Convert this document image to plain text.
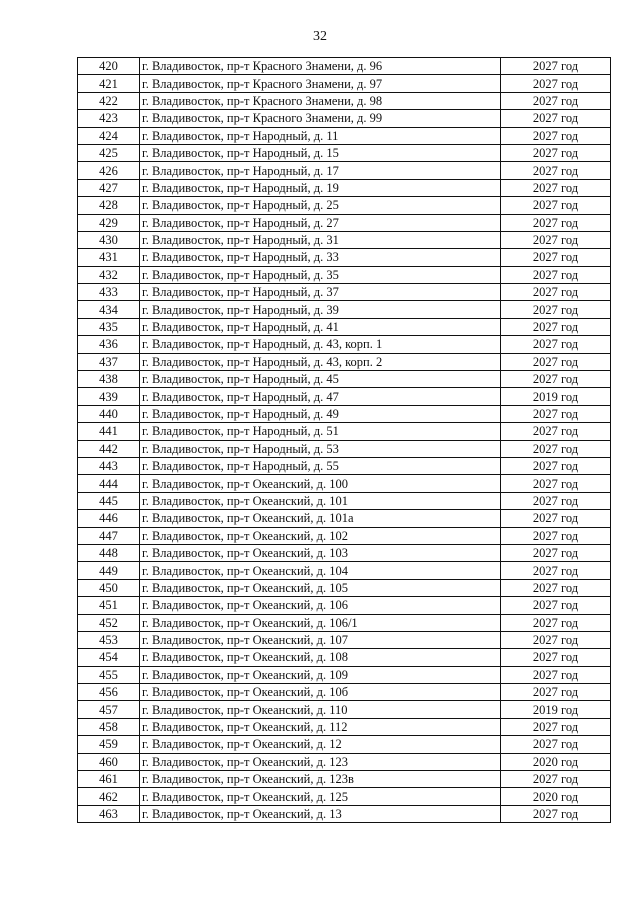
32
420	г. Владивосток, пр-т Красного Знамени, д. 96	2027 год
421	г. Владивосток, пр-т Красного Знамени, д. 97	2027 год
422	г. Владивосток, пр-т Красного Знамени, д. 98	2027 год
423	г. Владивосток, пр-т Красного Знамени, д. 99	2027 год
424	г. Владивосток, пр-т Народный, д. 11	2027 год
425	г. Владивосток, пр-т Народный, д. 15	2027 год
426	г. Владивосток, пр-т Народный, д. 17	2027 год
427	г. Владивосток, пр-т Народный, д. 19	2027 год
428	г. Владивосток, пр-т Народный, д. 25	2027 год
429	г. Владивосток, пр-т Народный, д. 27	2027 год
430	г. Владивосток, пр-т Народный, д. 31	2027 год
431	г. Владивосток, пр-т Народный, д. 33	2027 год
432	г. Владивосток, пр-т Народный, д. 35	2027 год
433	г. Владивосток, пр-т Народный, д. 37	2027 год
434	г. Владивосток, пр-т Народный, д. 39	2027 год
435	г. Владивосток, пр-т Народный, д. 41	2027 год
436	г. Владивосток, пр-т Народный, д. 43, корп. 1	2027 год
437	г. Владивосток, пр-т Народный, д. 43, корп. 2	2027 год
438	г. Владивосток, пр-т Народный, д. 45	2027 год
439	г. Владивосток, пр-т Народный, д. 47	2019 год
440	г. Владивосток, пр-т Народный, д. 49	2027 год
441	г. Владивосток, пр-т Народный, д. 51	2027 год
442	г. Владивосток, пр-т Народный, д. 53	2027 год
443	г. Владивосток, пр-т Народный, д. 55	2027 год
444	г. Владивосток, пр-т Океанский, д. 100	2027 год
445	г. Владивосток, пр-т Океанский, д. 101	2027 год
446	г. Владивосток, пр-т Океанский, д. 101а	2027 год
447	г. Владивосток, пр-т Океанский, д. 102	2027 год
448	г. Владивосток, пр-т Океанский, д. 103	2027 год
449	г. Владивосток, пр-т Океанский, д. 104	2027 год
450	г. Владивосток, пр-т Океанский, д. 105	2027 год
451	г. Владивосток, пр-т Океанский, д. 106	2027 год
452	г. Владивосток, пр-т Океанский, д. 106/1	2027 год
453	г. Владивосток, пр-т Океанский, д. 107	2027 год
454	г. Владивосток, пр-т Океанский, д. 108	2027 год
455	г. Владивосток, пр-т Океанский, д. 109	2027 год
456	г. Владивосток, пр-т Океанский, д. 10б	2027 год
457	г. Владивосток, пр-т Океанский, д. 110	2019 год
458	г. Владивосток, пр-т Океанский, д. 112	2027 год
459	г. Владивосток, пр-т Океанский, д. 12	2027 год
460	г. Владивосток, пр-т Океанский, д. 123	2020 год
461	г. Владивосток, пр-т Океанский, д. 123в	2027 год
462	г. Владивосток, пр-т Океанский, д. 125	2020 год
463	г. Владивосток, пр-т Океанский, д. 13	2027 год
